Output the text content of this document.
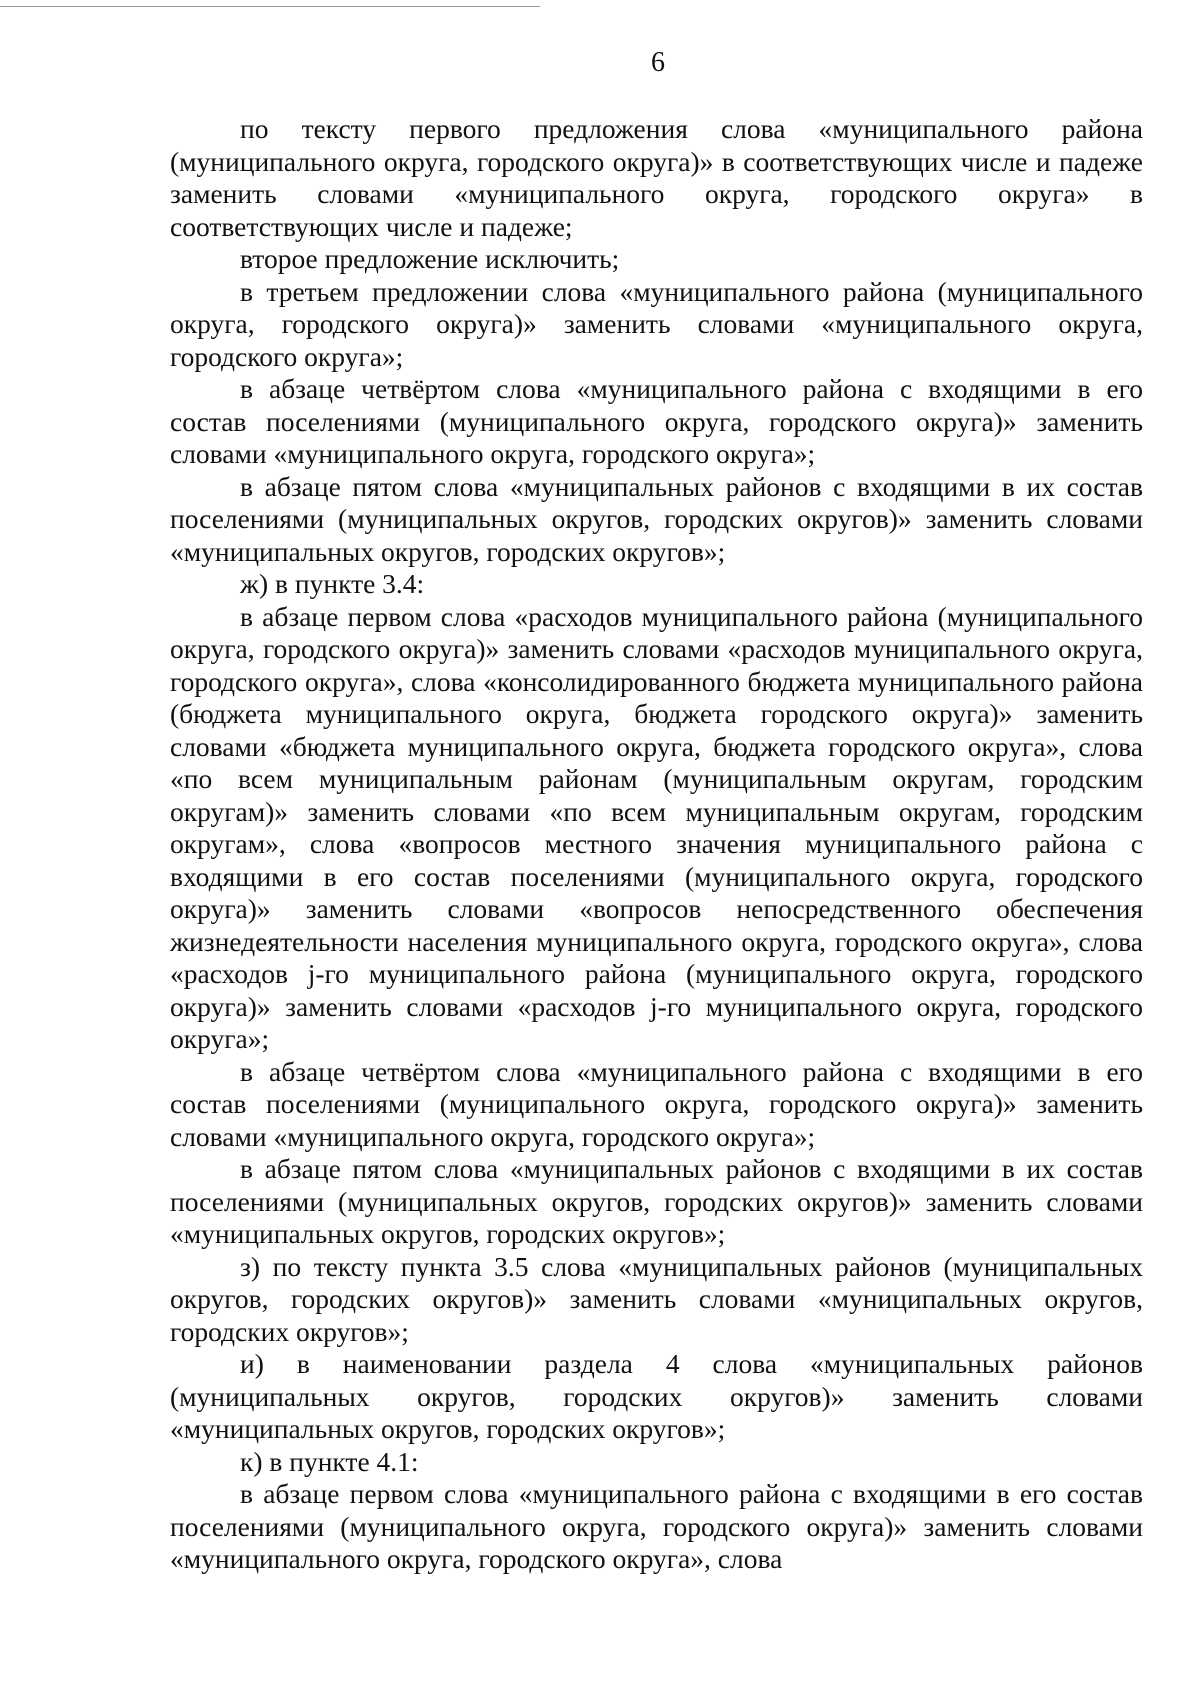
6

по тексту первого предложения слова «муниципального района (муниципального округа, городского округа)» в соответствующих числе и падеже заменить словами «муниципального округа, городского округа» в соответствующих числе и падеже;

второе предложение исключить;

в третьем предложении слова «муниципального района (муниципального округа, городского округа)» заменить словами «муниципального округа, городского округа»;

в абзаце четвёртом слова «муниципального района с входящими в его состав поселениями (муниципального округа, городского округа)» заменить словами «муниципального округа, городского округа»;

в абзаце пятом слова «муниципальных районов с входящими в их состав поселениями (муниципальных округов, городских округов)» заменить словами «муниципальных округов, городских округов»;

ж) в пункте 3.4:

в абзаце первом слова «расходов муниципального района (муниципального округа, городского округа)» заменить словами «расходов муниципального округа, городского округа», слова «консолидированного бюджета муниципального района (бюджета муниципального округа, бюджета городского округа)» заменить словами «бюджета муниципального округа, бюджета городского округа», слова «по всем муниципальным районам (муниципальным округам, городским округам)» заменить словами «по всем муниципальным округам, городским округам», слова «вопросов местного значения муниципального района с входящими в его состав поселениями (муниципального округа, городского округа)» заменить словами «вопросов непосредственного обеспечения жизнедеятельности населения муниципального округа, городского округа», слова «расходов j-го муниципального района (муниципального округа, городского округа)» заменить словами «расходов j-го муниципального округа, городского округа»;

в абзаце четвёртом слова «муниципального района с входящими в его состав поселениями (муниципального округа, городского округа)» заменить словами «муниципального округа, городского округа»;

в абзаце пятом слова «муниципальных районов с входящими в их состав поселениями (муниципальных округов, городских округов)» заменить словами «муниципальных округов, городских округов»;

з) по тексту пункта 3.5 слова «муниципальных районов (муниципальных округов, городских округов)» заменить словами «муниципальных округов, городских округов»;

и) в наименовании раздела 4 слова «муниципальных районов (муниципальных округов, городских округов)» заменить словами «муниципальных округов, городских округов»;

к) в пункте 4.1:

в абзаце первом слова «муниципального района с входящими в его состав поселениями (муниципального округа, городского округа)» заменить словами «муниципального округа, городского округа», слова
